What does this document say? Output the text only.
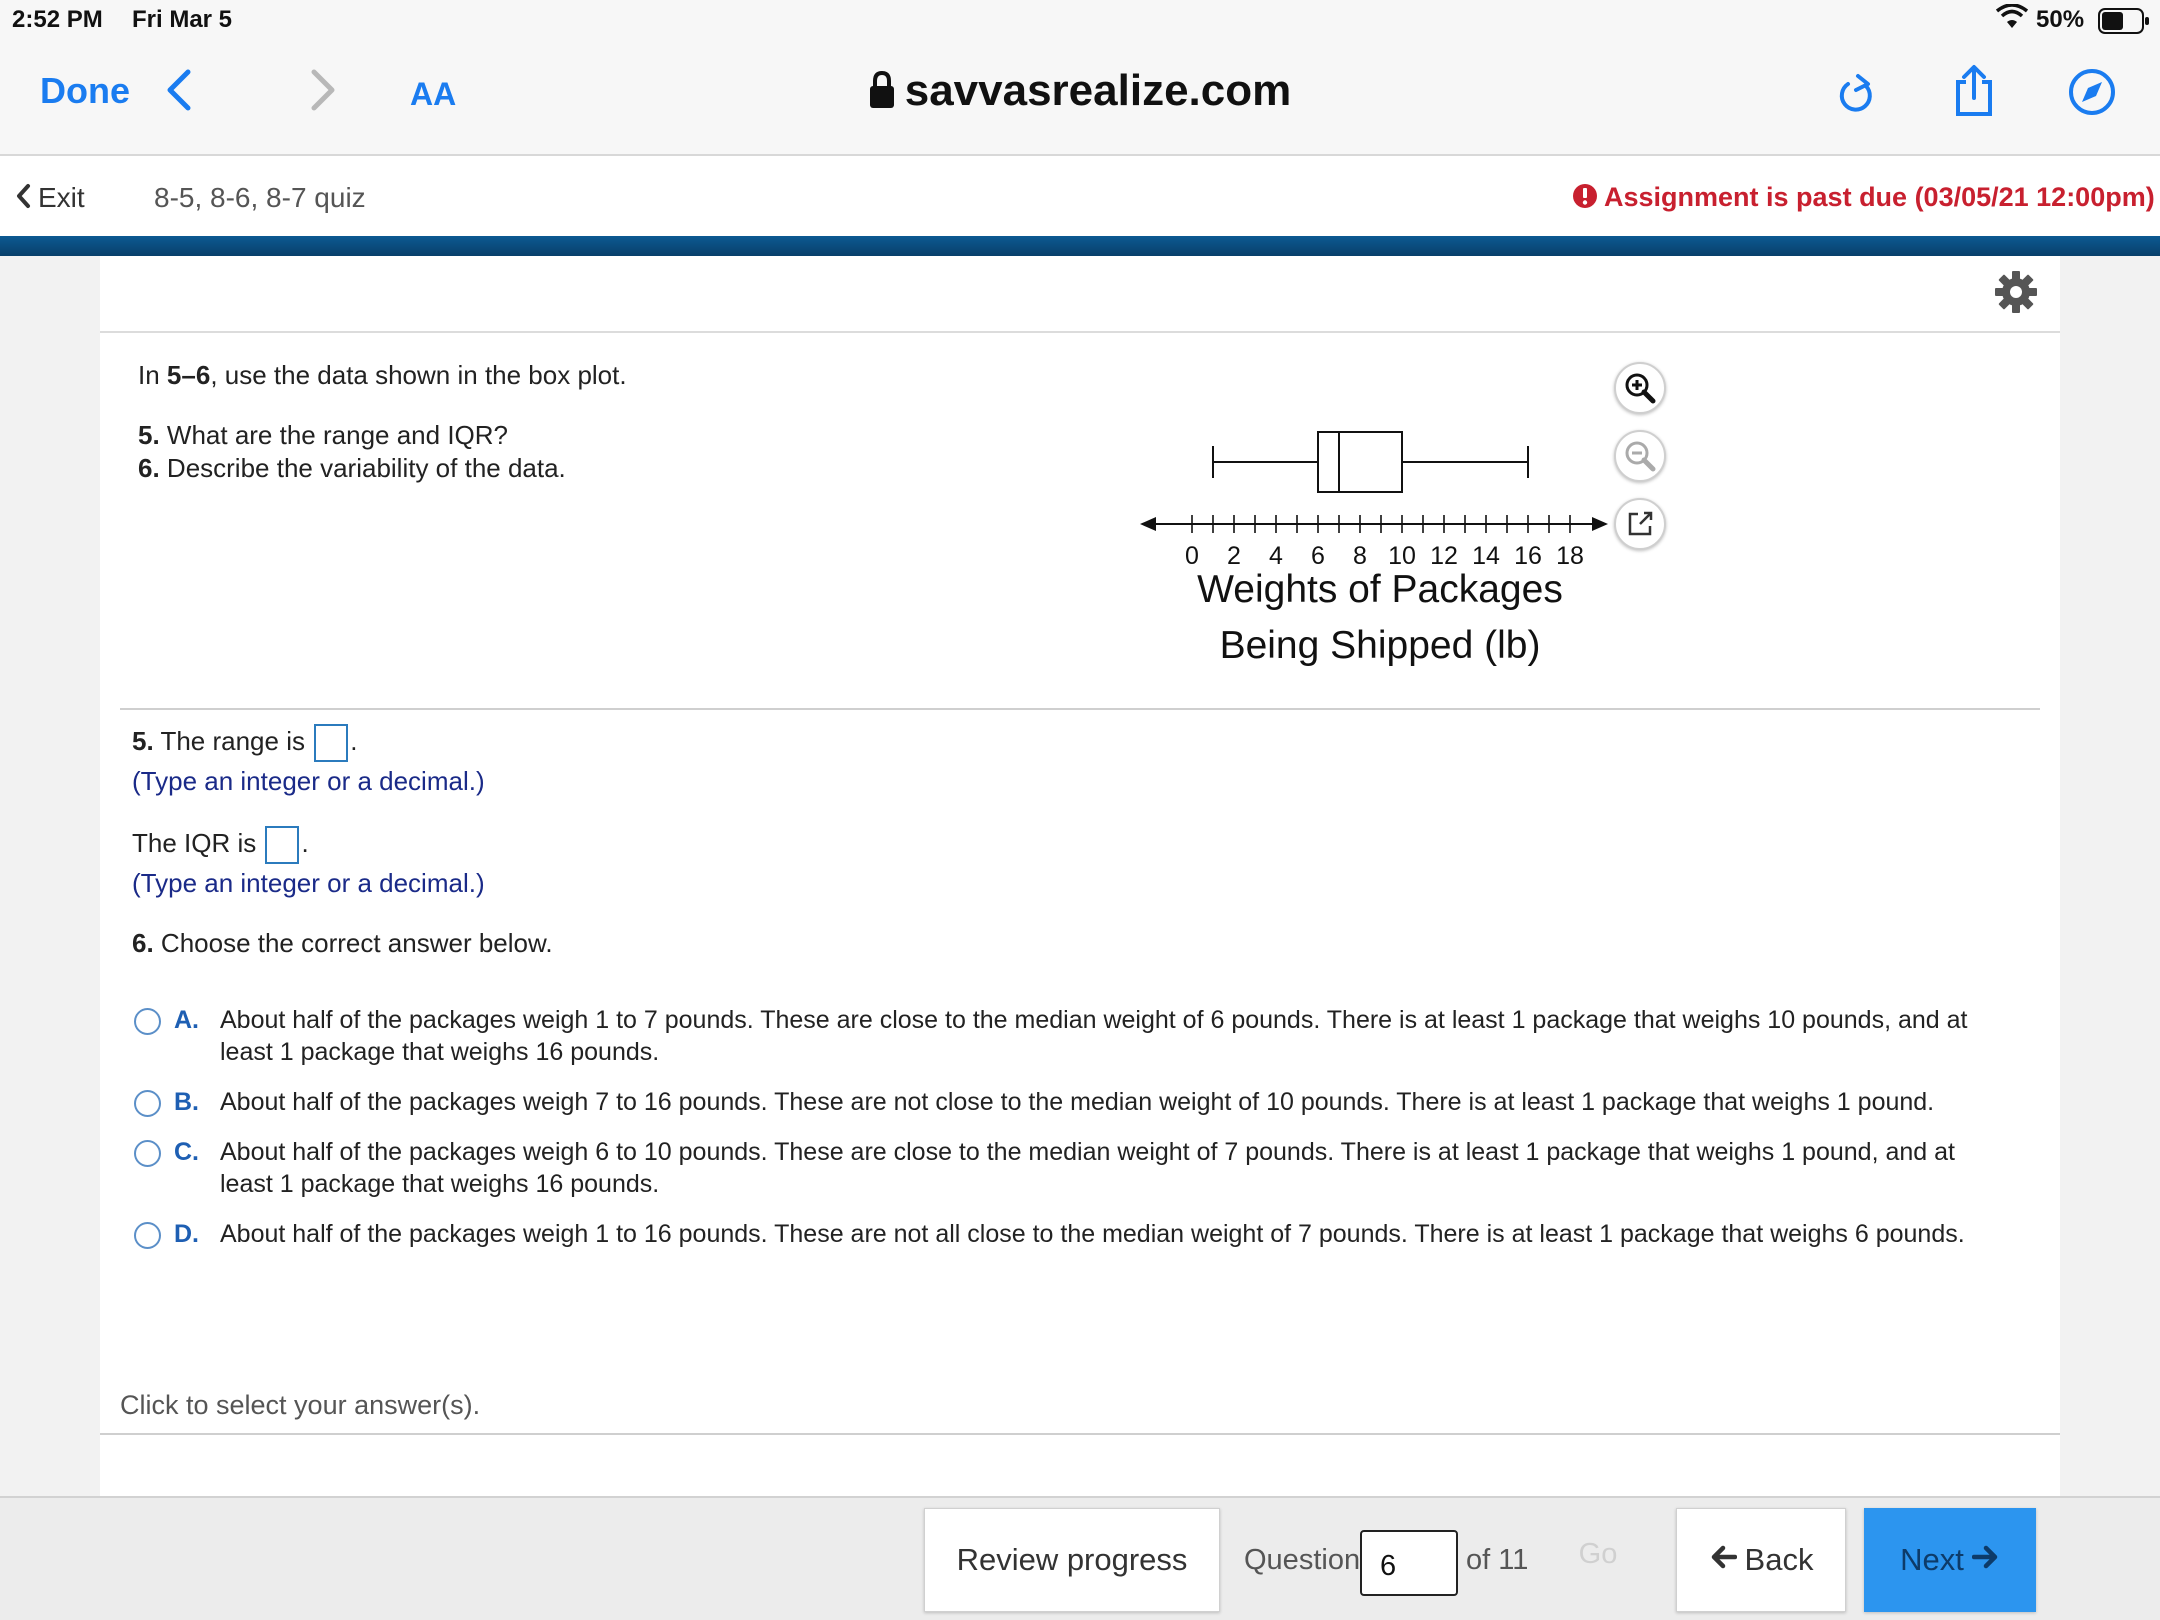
2:52 PM Fri Mar 5	50%
Done	AA	savvasrealize.com
Exit 8-5, 8-6, 8-7 quiz	Assignment is past due (03/05/21 12:00pm)
In 5–6, use the data shown in the box plot.
5. What are the range and IQR?
6. Describe the variability of the data.
0 2 4 6 8 10 12 14 16 18
Weights of Packages
Being Shipped (lb)
5. The range is .
(Type an integer or a decimal.)
The IQR is .
(Type an integer or a decimal.)
6. Choose the correct answer below.
A. About half of the packages weigh 1 to 7 pounds. These are close to the median weight of 6 pounds. There is at least 1 package that weighs 10 pounds, and at least 1 package that weighs 16 pounds.
B. About half of the packages weigh 7 to 16 pounds. These are not close to the median weight of 10 pounds. There is at least 1 package that weighs 1 pound.
C. About half of the packages weigh 6 to 10 pounds. These are close to the median weight of 7 pounds. There is at least 1 package that weighs 1 pound, and at least 1 package that weighs 16 pounds.
D. About half of the packages weigh 1 to 16 pounds. These are not all close to the median weight of 7 pounds. There is at least 1 package that weighs 6 pounds.
Click to select your answer(s).
Review progress	Question 6	of 11	Go	Back	Next
